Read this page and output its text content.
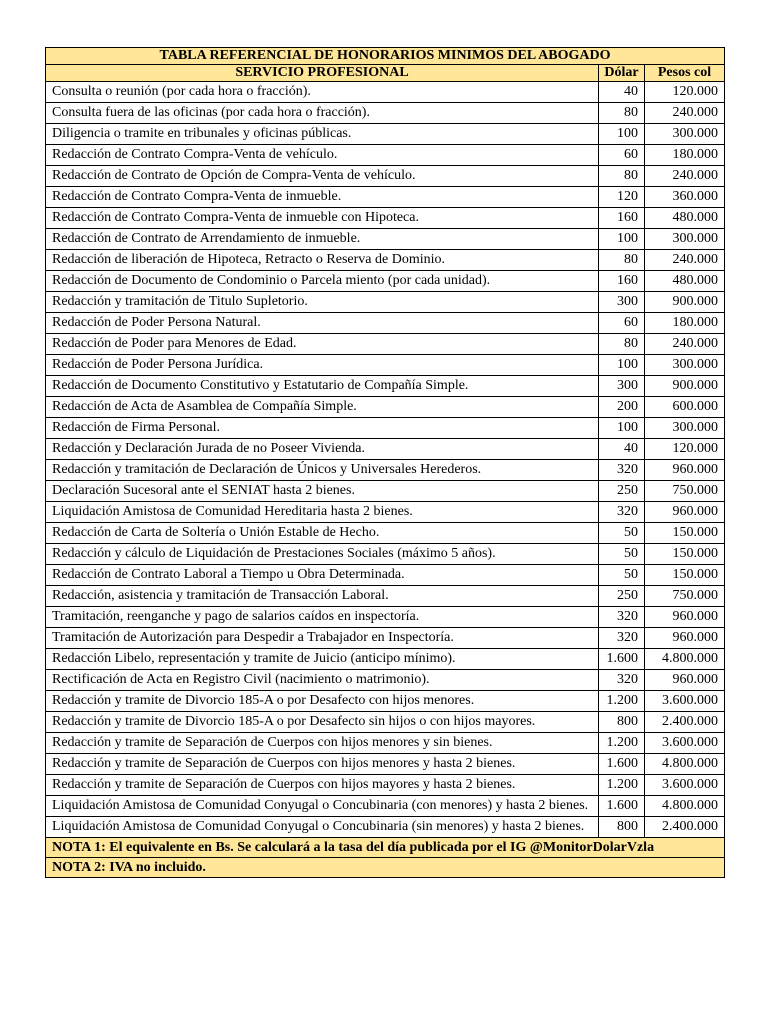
TABLA REFERENCIAL DE HONORARIOS MINIMOS DEL ABOGADO		
SERVICIO PROFESIONAL	Dólar	Pesos col
Consulta o reunión (por cada hora o fracción).	40	120.000
Consulta fuera de las oficinas (por cada hora o fracción).	80	240.000
Diligencia o tramite en tribunales y oficinas públicas.	100	300.000
Redacción de Contrato Compra-Venta de vehículo.	60	180.000
Redacción de Contrato de Opción de Compra-Venta de vehículo.	80	240.000
Redacción de Contrato Compra-Venta de inmueble.	120	360.000
Redacción de Contrato Compra-Venta de inmueble con Hipoteca.	160	480.000
Redacción de Contrato de Arrendamiento de inmueble.	100	300.000
Redacción de liberación de Hipoteca, Retracto o Reserva de Dominio.	80	240.000
Redacción de Documento de Condominio o Parcela miento (por cada unidad).	160	480.000
Redacción y tramitación de Titulo Supletorio.	300	900.000
Redacción de Poder Persona Natural.	60	180.000
Redacción de Poder para Menores de Edad.	80	240.000
Redacción de Poder Persona Jurídica.	100	300.000
Redacción de Documento Constitutivo y Estatutario de Compañía Simple.	300	900.000
Redacción de Acta de Asamblea de Compañía Simple.	200	600.000
Redacción de Firma Personal.	100	300.000
Redacción y Declaración Jurada de no Poseer Vivienda.	40	120.000
Redacción y tramitación de Declaración de Únicos y Universales Herederos.	320	960.000
Declaración Sucesoral ante el SENIAT hasta 2 bienes.	250	750.000
Liquidación Amistosa de Comunidad Hereditaria hasta 2 bienes.	320	960.000
Redacción de Carta de Soltería o Unión Estable de Hecho.	50	150.000
Redacción y cálculo de Liquidación de Prestaciones Sociales (máximo 5 años).	50	150.000
Redacción de Contrato Laboral a Tiempo u Obra Determinada.	50	150.000
Redacción, asistencia y tramitación de Transacción Laboral.	250	750.000
Tramitación, reenganche y pago de salarios caídos en inspectoría.	320	960.000
Tramitación de Autorización para Despedir a Trabajador en Inspectoría.	320	960.000
Redacción Libelo, representación y tramite de Juicio (anticipo mínimo).	1.600	4.800.000
Rectificación de Acta en Registro Civil (nacimiento o matrimonio).	320	960.000
Redacción y tramite de Divorcio 185-A o por Desafecto con hijos menores.	1.200	3.600.000
Redacción y tramite de Divorcio 185-A o por Desafecto sin hijos o con hijos mayores.	800	2.400.000
Redacción y tramite de Separación de Cuerpos con hijos menores y sin bienes.	1.200	3.600.000
Redacción y tramite de Separación de Cuerpos con hijos menores y hasta 2 bienes.	1.600	4.800.000
Redacción y tramite de Separación de Cuerpos con hijos mayores y hasta 2 bienes.	1.200	3.600.000
Liquidación Amistosa de Comunidad Conyugal o Concubinaria (con menores) y hasta 2 bienes.	1.600	4.800.000
Liquidación Amistosa de Comunidad Conyugal o Concubinaria (sin menores) y hasta 2 bienes.	800	2.400.000
NOTA 1: El equivalente en Bs. Se calculará a la tasa del día publicada por el IG @MonitorDolarVzla		
NOTA 2: IVA no incluido.		
